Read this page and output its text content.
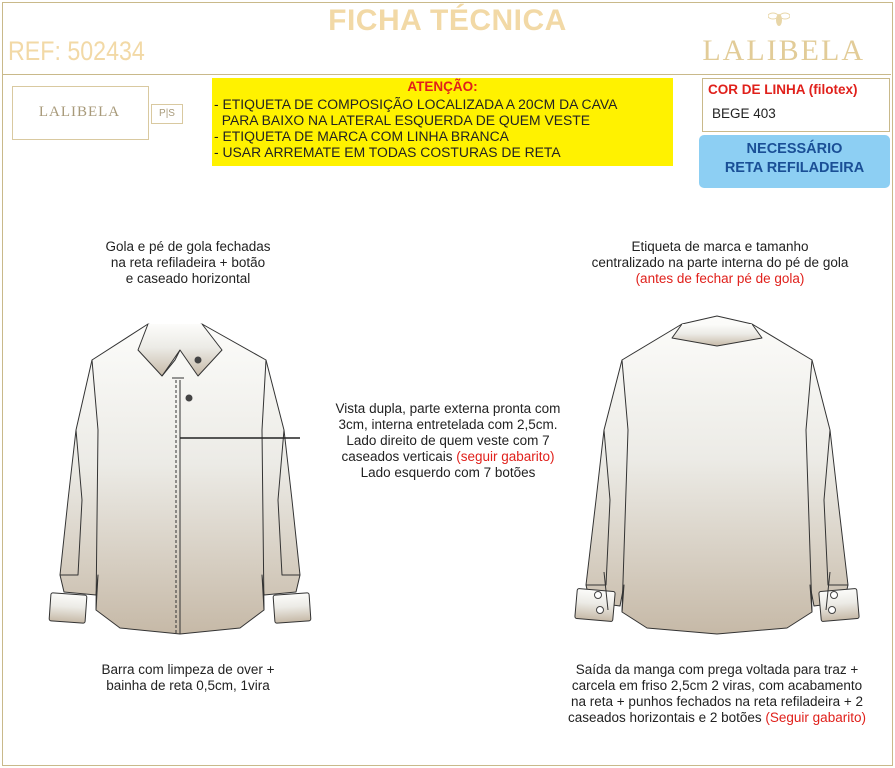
FICHA TÉCNICA
REF: 502434	LALIBELA
LALIBELA	P|S
ATENÇÃO:
- ETIQUETA DE COMPOSIÇÃO LOCALIZADA A 20CM DA CAVA
PARA BAIXO NA LATERAL ESQUERDA DE QUEM VESTE
- ETIQUETA DE MARCA COM LINHA BRANCA
- USAR ARREMATE EM TODAS COSTURAS DE RETA
COR DE LINHA (filotex)
BEGE 403
NECESSÁRIO
RETA REFILADEIRA
Gola e pé de gola fechadas
na reta refiladeira + botão
e caseado horizontal
Etiqueta de marca e tamanho
centralizado na parte interna do pé de gola
(antes de fechar pé de gola)
Vista dupla, parte externa pronta com
3cm, interna entretelada com 2,5cm.
Lado direito de quem veste com 7
caseados verticais (seguir gabarito)
Lado esquerdo com 7 botões
Barra com limpeza de over +
bainha de reta 0,5cm, 1vira
Saída da manga com prega voltada para traz +
carcela em friso 2,5cm 2 viras, com acabamento
na reta + punhos fechados na reta refiladeira + 2
caseados horizontais e 2 botões (Seguir gabarito)
